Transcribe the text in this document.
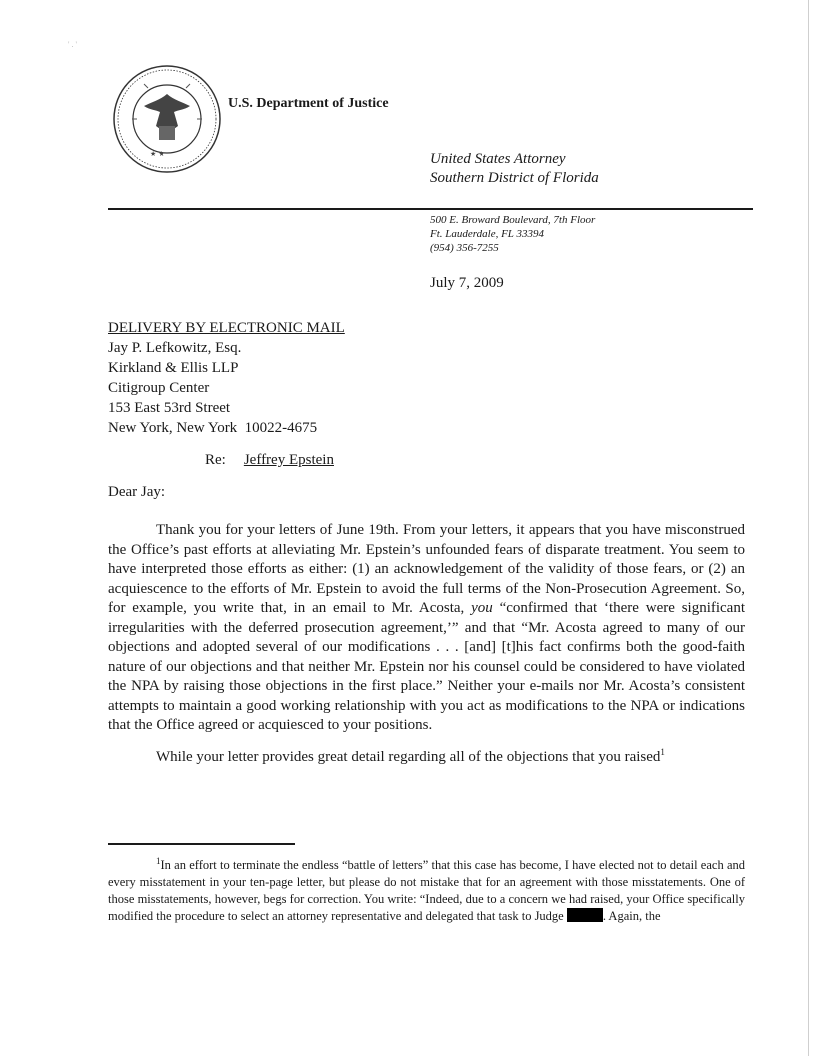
' . '
★ ★
U.S. Department of Justice
United States Attorney
Southern District of Florida
500 E. Broward Boulevard, 7th Floor
Ft. Lauderdale, FL 33394
(954) 356-7255
July 7, 2009
DELIVERY BY ELECTRONIC MAIL
Jay P. Lefkowitz, Esq.
Kirkland & Ellis LLP
Citigroup Center
153 East 53rd Street
New York, New York  10022-4675
Re: Jeffrey Epstein
Dear Jay:

Thank you for your letters of June 19th. From your letters, it appears that you have misconstrued the Office’s past efforts at alleviating Mr. Epstein’s unfounded fears of disparate treatment. You seem to have interpreted those efforts as either: (1) an acknowledgement of the validity of those fears, or (2) an acquiescence to the efforts of Mr. Epstein to avoid the full terms of the Non-Prosecution Agreement. So, for example, you write that, in an email to Mr. Acosta, you “confirmed that ‘there were significant irregularities with the deferred prosecution agreement,’” and that “Mr. Acosta agreed to many of our objections and adopted several of our modifications . . . [and] [t]his fact confirms both the good-faith nature of our objections and that neither Mr. Epstein nor his counsel could be considered to have violated the NPA by raising those objections in the first place.” Neither your e-mails nor Mr. Acosta’s consistent attempts to maintain a good working relationship with you act as modifications to the NPA or indications that the Office agreed or acquiesced to your positions.

While your letter provides great detail regarding all of the objections that you raised$^1$

$^1$In an effort to terminate the endless “battle of letters” that this case has become, I have elected not to detail each and every misstatement in your ten-page letter, but please do not mistake that for an agreement with those misstatements. One of those misstatements, however, begs for correction. You write: “Indeed, due to a concern we had raised, your Office specifically modified the procedure to select an attorney representative and delegated that task to Judge	. Again, the
